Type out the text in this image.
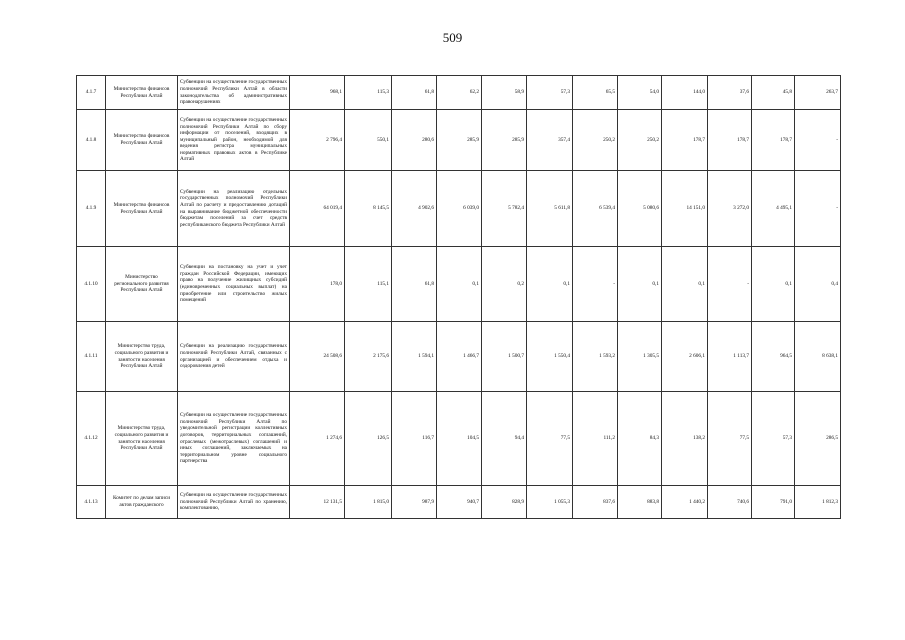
509
4.1.7	Министерство финансов Республики Алтай	Субвенции на осуществление государственных полномочий Республики Алтай в области законодательства об административных правонарушениях	968,1	115,3	61,8	62,2	58,9	57,3	65,5	54,0	144,0	37,6	45,8	263,7
4.1.8	Министерство финансов Республики Алтай	Субвенции на осуществление государственных полномочий Республики Алтай по сбору информации от поселений, входящих в муниципальный район, необходимой для ведения регистра муниципальных нормативных правовых актов в Республике Алтай	2 796,4	550,1	280,6	285,9	285,9	357,4	250,2	250,2	178,7	178,7	178,7	-
4.1.9	Министерство финансов Республики Алтай	Субвенции на реализацию отдельных государственных полномочий Республики Алтай по расчету и предоставлению дотаций на выравнивание бюджетной обеспеченности бюджетам поселений за счет средств республиканского бюджета Республики Алтай	64 019,4	8 145,5	4 902,6	6 039,0	5 782,4	5 611,8	6 539,4	5 080,6	14 151,0	3 272,0	4 495,1	-
4.1.10	Министерство регионального развития Республики Алтай	Субвенции на постановку на учет и учет граждан Российской Федерации, имеющих право на получение жилищных субсидий (единовременных социальных выплат) на приобретение или строительство жилых помещений	178,0	115,1	61,8	0,1	0,2	0,1	-	0,1	0,1	-	0,1	0,4
4.1.11	Министерство труда, социального развития и занятости населения Республики Алтай	Субвенции на реализацию государственных полномочий Республики Алтай, связанных с организацией и обеспечением отдыха и оздоровления детей	24 508,6	2 175,6	1 594,1	1 466,7	1 500,7	1 550,4	1 593,2	1 305,5	2 606,1	1 113,7	964,5	8 638,1
4.1.12	Министерство труда, социального развития и занятости населения Республики Алтай	Субвенции на осуществление государственных полномочий Республики Алтай по уведомительной регистрации коллективных договоров, территориальных соглашений, отраслевых (межотраслевых) соглашений и иных соглашений, заключаемых на территориальном уровне социального партнерства	1 274,6	126,5	116,7	104,5	94,4	77,5	111,2	84,3	138,2	77,5	57,3	286,5
4.1.13	Комитет по делам записи актов гражданского	Субвенции на осуществление государственных полномочий Республики Алтай по хранению, комплектованию,	12 131,5	1 815,0	987,9	940,7	828,9	1 055,3	837,6	883,8	1 440,2	740,6	791,0	1 812,3
